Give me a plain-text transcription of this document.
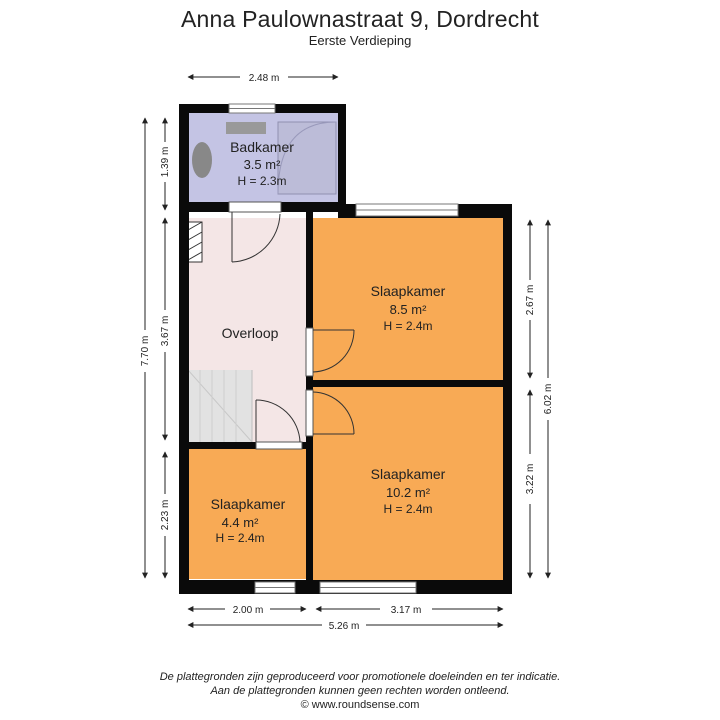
Anna Paulownastraat 9, Dordrecht
Eerste Verdieping
Badkamer
3.5 m²
H = 2.3m
Overloop
Slaapkamer
8.5 m²
H = 2.4m
Slaapkamer
10.2 m²
H = 2.4m
Slaapkamer
4.4 m²
H = 2.4m
2.48 m
7.70 m
1.39 m
3.67 m
2.23 m
2.67 m
3.22 m
6.02 m
2.00 m	3.17 m
5.26 m
De plattegronden zijn geproduceerd voor promotionele doeleinden en ter indicatie.
Aan de plattegronden kunnen geen rechten worden ontleend.
© www.roundsense.com
